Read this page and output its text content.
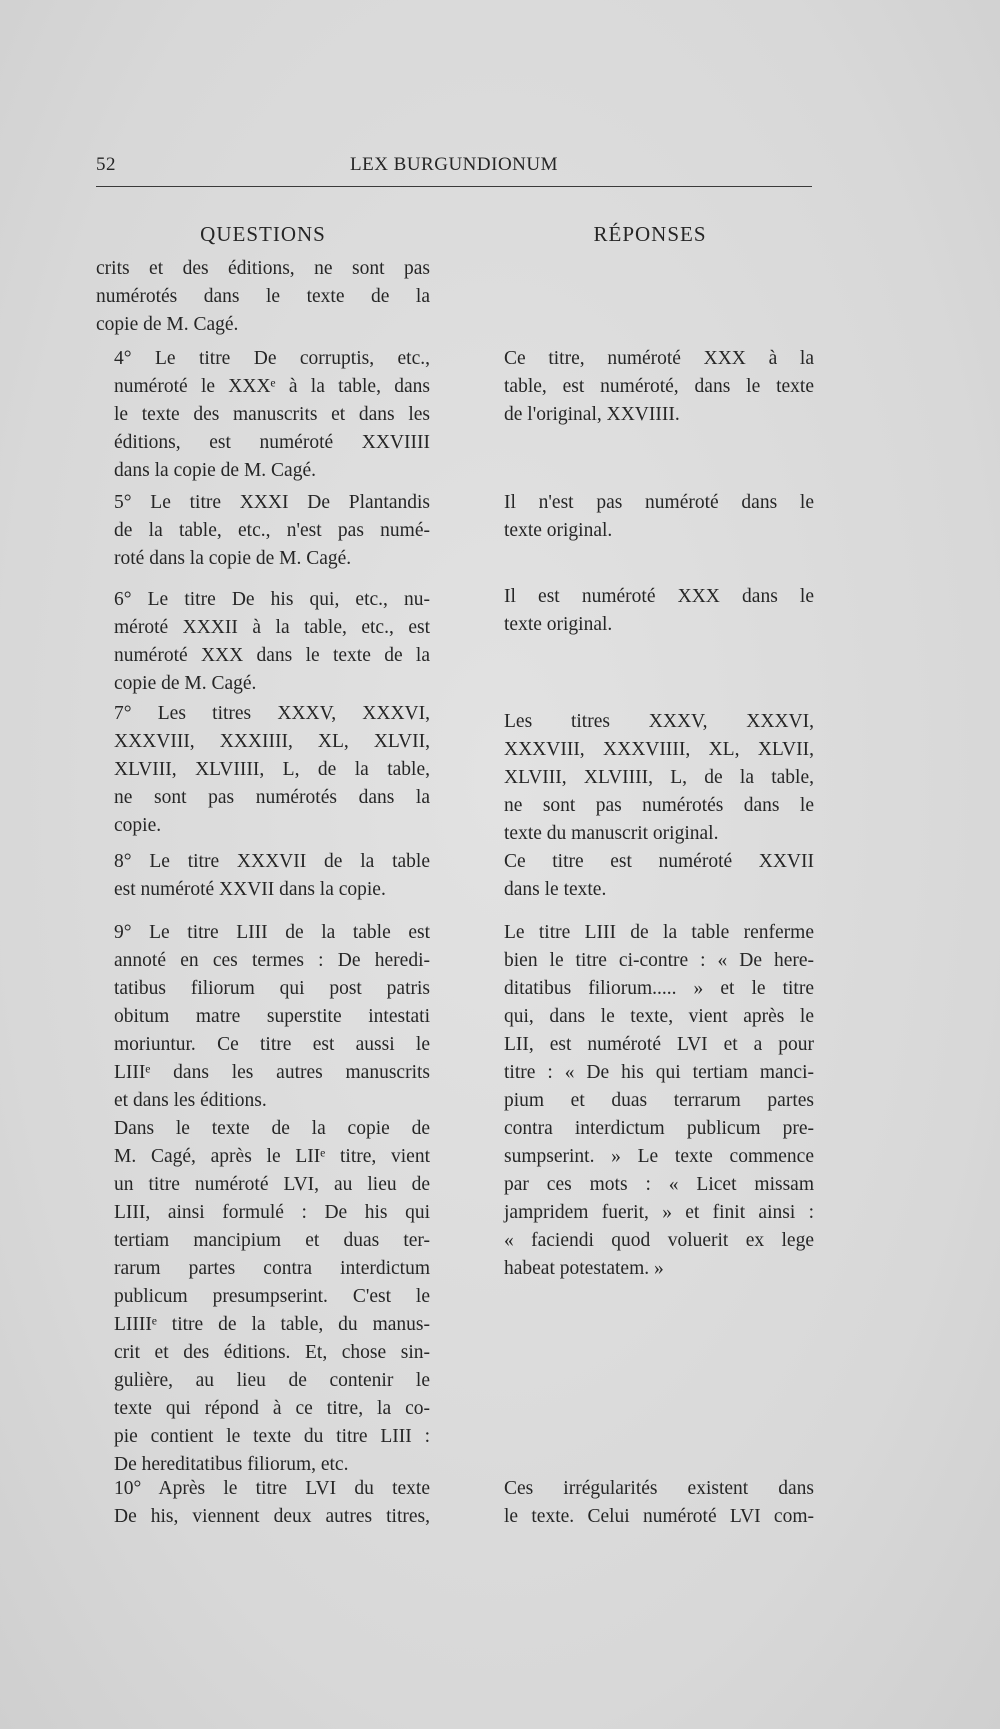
52	LEX BURGUNDIONUM
QUESTIONS	RÉPONSES

crits et des éditions, ne sont pas
numérotés dans le texte de la
copie de M. Cagé.

4° Le titre De corruptis, etc.,
numéroté le XXXᵉ à la table, dans
le texte des manuscrits et dans les
éditions, est numéroté XXVIIII
dans la copie de M. Cagé.

5° Le titre XXXI De Plantandis
de la table, etc., n'est pas numé-
roté dans la copie de M. Cagé.

6° Le titre De his qui, etc., nu-
méroté XXXII à la table, etc., est
numéroté XXX dans le texte de la
copie de M. Cagé.

7° Les titres XXXV, XXXVI,
XXXVIII, XXXIIII, XL, XLVII,
XLVIII, XLVIIII, L, de la table,
ne sont pas numérotés dans la
copie.

8° Le titre XXXVII de la table
est numéroté XXVII dans la copie.

9° Le titre LIII de la table est
annoté en ces termes : De heredi-
tatibus filiorum qui post patris
obitum matre superstite intestati
moriuntur. Ce titre est aussi le
LIIIᵉ dans les autres manuscrits
et dans les éditions.

Dans le texte de la copie de
M. Cagé, après le LIIᵉ titre, vient
un titre numéroté LVI, au lieu de
LIII, ainsi formulé : De his qui
tertiam mancipium et duas ter-
rarum partes contra interdictum
publicum presumpserint. C'est le
LIIIIᵉ titre de la table, du manus-
crit et des éditions. Et, chose sin-
gulière, au lieu de contenir le
texte qui répond à ce titre, la co-
pie contient le texte du titre LIII :
De hereditatibus filiorum, etc.

10° Après le titre LVI du texte
De his, viennent deux autres titres,

Ce titre, numéroté XXX à la
table, est numéroté, dans le texte
de l'original, XXVIIII.

Il n'est pas numéroté dans le
texte original.

Il est numéroté XXX dans le
texte original.

Les titres XXXV, XXXVI,
XXXVIII, XXXVIIII, XL, XLVII,
XLVIII, XLVIIII, L, de la table,
ne sont pas numérotés dans le
texte du manuscrit original.

Ce titre est numéroté XXVII
dans le texte.

Le titre LIII de la table renferme
bien le titre ci-contre : « De here-
ditatibus filiorum..... » et le titre
qui, dans le texte, vient après le
LII, est numéroté LVI et a pour
titre : « De his qui tertiam manci-
pium et duas terrarum partes
contra interdictum publicum pre-
sumpserint. » Le texte commence
par ces mots : « Licet missam
jampridem fuerit, » et finit ainsi :
« faciendi quod voluerit ex lege
habeat potestatem. »

Ces irrégularités existent dans
le texte. Celui numéroté LVI com-
